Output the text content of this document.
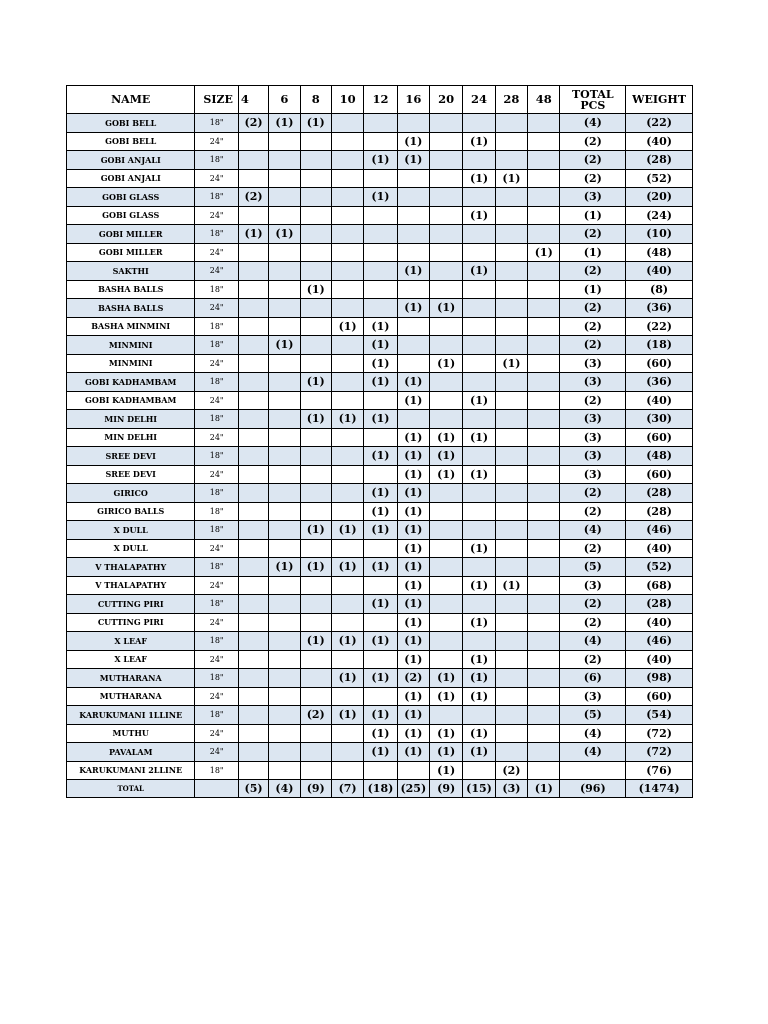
NAME	SIZE	4	6	8	10	12	16	20	24	28	48	TOTAL PCS	WEIGHT
GOBI BELL	18"	(2)	(1)	(1)								(4)	(22)
GOBI BELL	24"						(1)		(1)			(2)	(40)
GOBI ANJALI	18"					(1)	(1)					(2)	(28)
GOBI ANJALI	24"								(1)	(1)		(2)	(52)
GOBI GLASS	18"	(2)				(1)						(3)	(20)
GOBI GLASS	24"								(1)			(1)	(24)
GOBI MILLER	18"	(1)	(1)									(2)	(10)
GOBI MILLER	24"										(1)	(1)	(48)
SAKTHI	24"						(1)		(1)			(2)	(40)
BASHA BALLS	18"			(1)								(1)	(8)
BASHA BALLS	24"						(1)	(1)				(2)	(36)
BASHA MINMINI	18"				(1)	(1)						(2)	(22)
MINMINI	18"		(1)			(1)						(2)	(18)
MINMINI	24"					(1)		(1)		(1)		(3)	(60)
GOBI KADHAMBAM	18"			(1)		(1)	(1)					(3)	(36)
GOBI KADHAMBAM	24"						(1)		(1)			(2)	(40)
MIN DELHI	18"			(1)	(1)	(1)						(3)	(30)
MIN DELHI	24"						(1)	(1)	(1)			(3)	(60)
SREE DEVI	18"					(1)	(1)	(1)				(3)	(48)
SREE DEVI	24"						(1)	(1)	(1)			(3)	(60)
GIRICO	18"					(1)	(1)					(2)	(28)
GIRICO BALLS	18"					(1)	(1)					(2)	(28)
X DULL	18"			(1)	(1)	(1)	(1)					(4)	(46)
X DULL	24"						(1)		(1)			(2)	(40)
V THALAPATHY	18"		(1)	(1)	(1)	(1)	(1)					(5)	(52)
V THALAPATHY	24"						(1)		(1)	(1)		(3)	(68)
CUTTING PIRI	18"					(1)	(1)					(2)	(28)
CUTTING PIRI	24"						(1)		(1)			(2)	(40)
X LEAF	18"			(1)	(1)	(1)	(1)					(4)	(46)
X LEAF	24"						(1)		(1)			(2)	(40)
MUTHARANA	18"				(1)	(1)	(2)	(1)	(1)			(6)	(98)
MUTHARANA	24"						(1)	(1)	(1)			(3)	(60)
KARUKUMANI 1LLINE	18"			(2)	(1)	(1)	(1)					(5)	(54)
MUTHU	24"					(1)	(1)	(1)	(1)			(4)	(72)
PAVALAM	24"					(1)	(1)	(1)	(1)			(4)	(72)
KARUKUMANI 2LLINE	18"							(1)		(2)			(76)
TOTAL		(5)	(4)	(9)	(7)	(18)	(25)	(9)	(15)	(3)	(1)	(96)	(1474)
